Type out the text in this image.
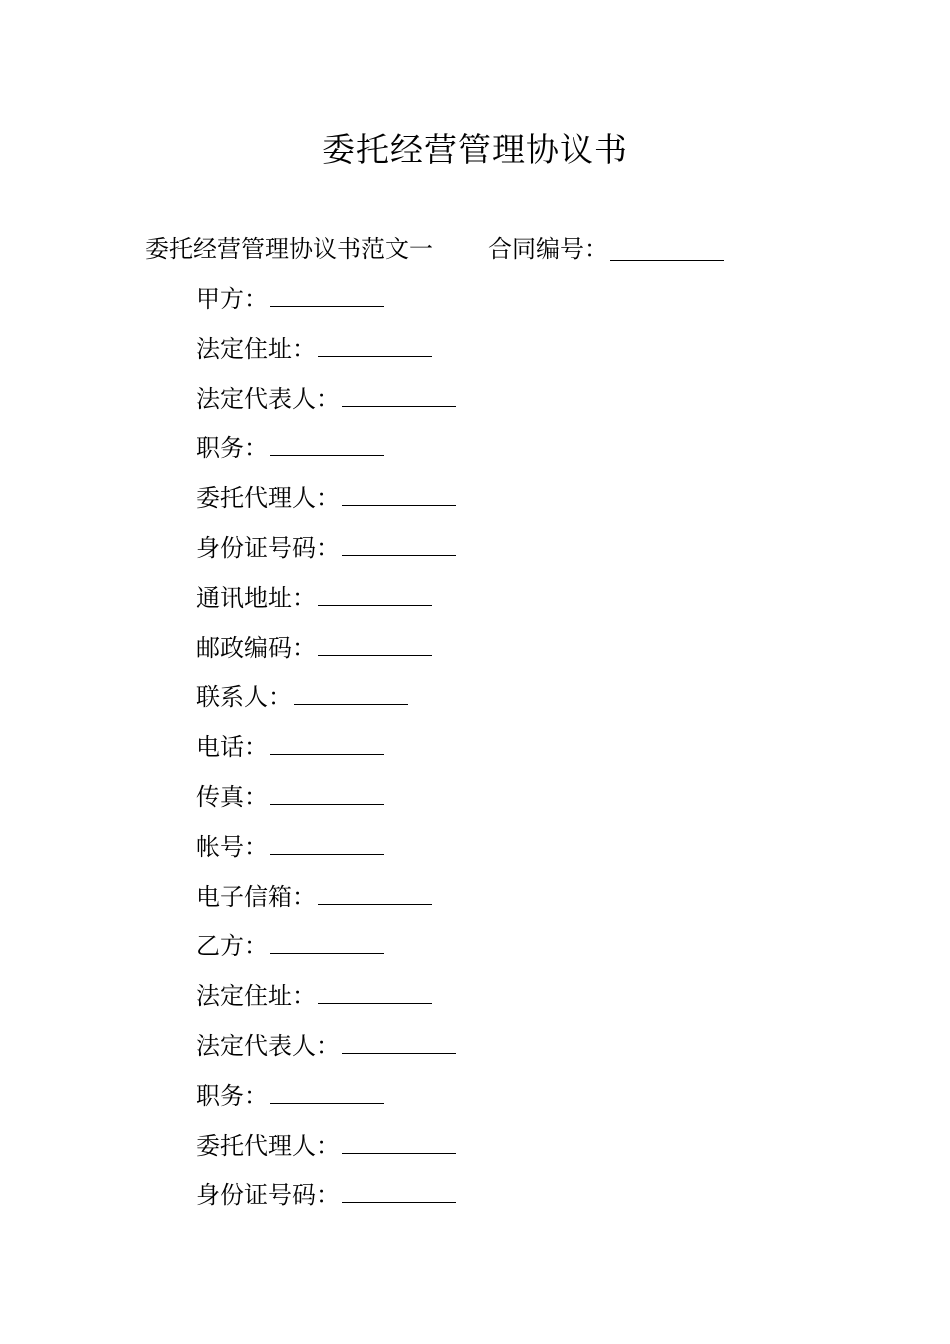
委托经营管理协议书
委托经营管理协议书范文一 合同编号：
甲方：
法定住址：
法定代表人：
职务：
委托代理人：
身份证号码：
通讯地址：
邮政编码：
联系人：
电话：
传真：
帐号：
电子信箱：
乙方：
法定住址：
法定代表人：
职务：
委托代理人：
身份证号码：
